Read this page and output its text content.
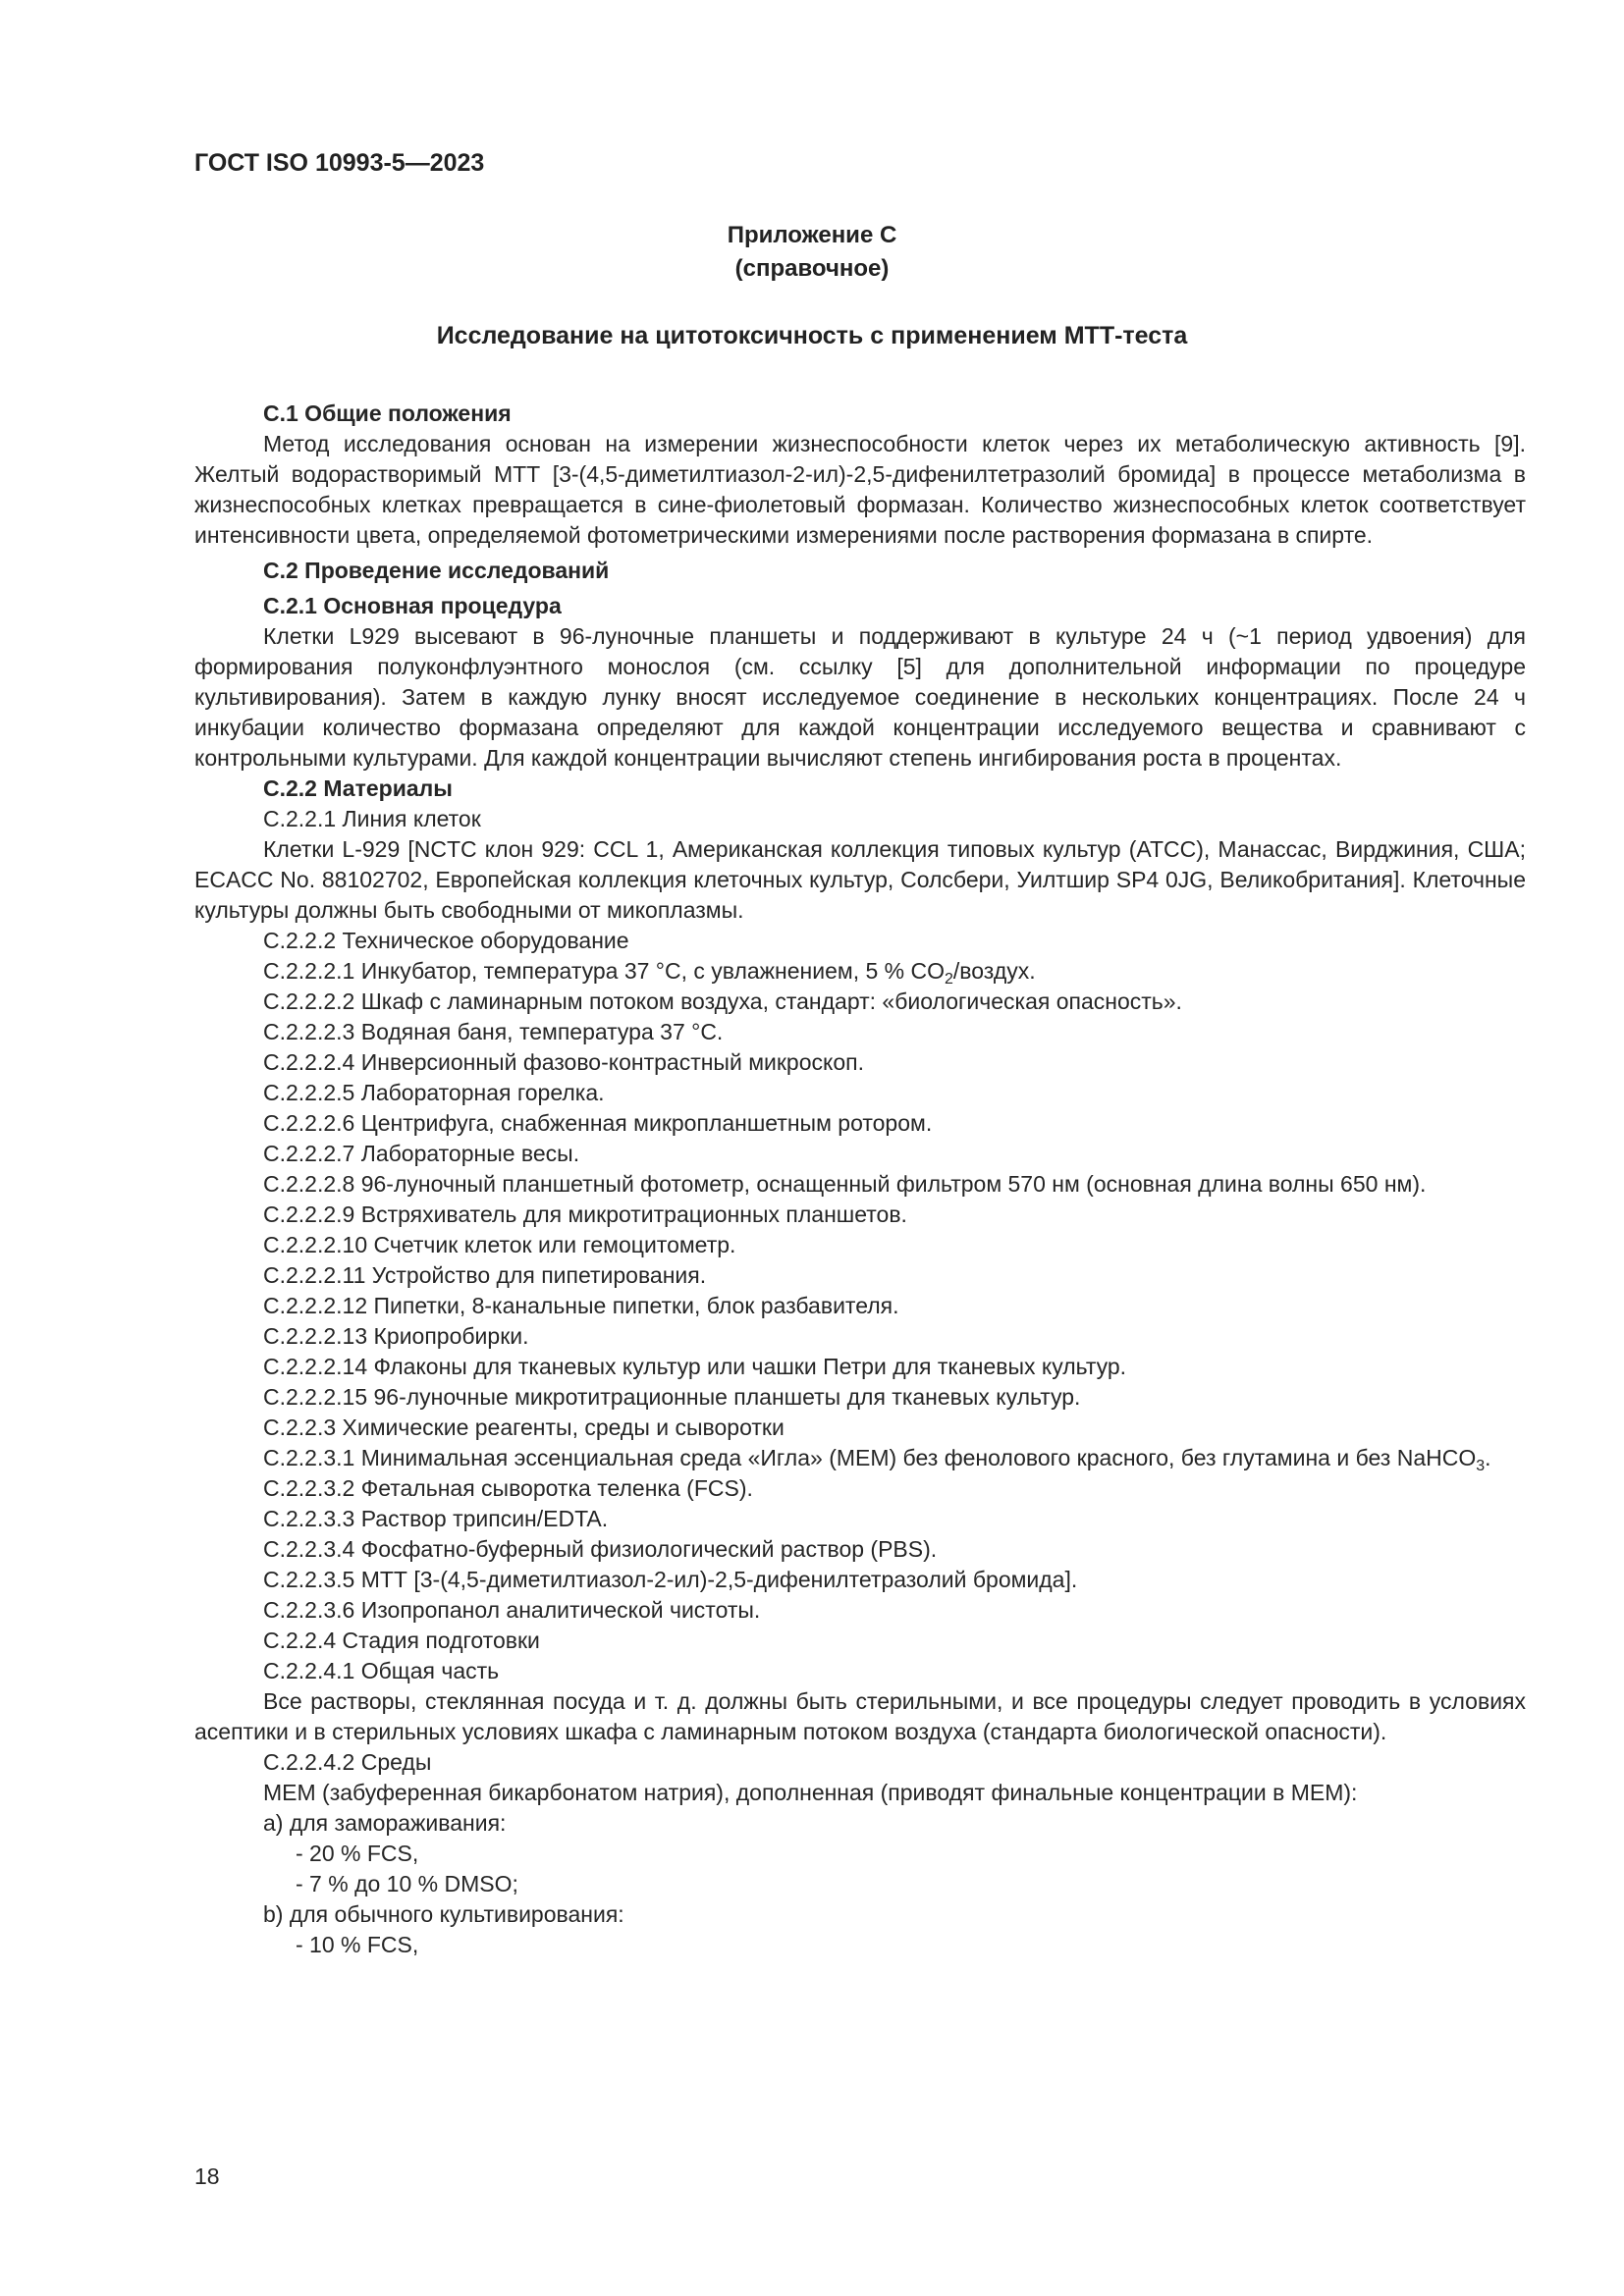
ГОСТ ISO 10993-5—2023

Приложение С

(справочное)

Исследование на цитотоксичность с применением МТТ-теста
С.1 Общие положения

Метод исследования основан на измерении жизнеспособности клеток через их метаболическую активность [9]. Желтый водорастворимый МТТ [3-(4,5-диметилтиазол-2-ил)-2,5-дифенилтетразолий бромида] в процессе метаболизма в жизнеспособных клетках превращается в сине-фиолетовый формазан. Количество жизнеспособных клеток соответствует интенсивности цвета, определяемой фотометрическими измерениями после растворения формазана в спирте.

С.2 Проведение исследований
С.2.1 Основная процедура

Клетки L929 высевают в 96-луночные планшеты и поддерживают в культуре 24 ч (~1 период удвоения) для формирования полуконфлуэнтного монослоя (см. ссылку [5] для дополнительной информации по процедуре культивирования). Затем в каждую лунку вносят исследуемое соединение в нескольких концентрациях. После 24 ч инкубации количество формазана определяют для каждой концентрации исследуемого вещества и сравнивают с контрольными культурами. Для каждой концентрации вычисляют степень ингибирования роста в процентах.

С.2.2 Материалы

С.2.2.1 Линия клеток

Клетки L-929 [NCTC клон 929: CCL 1, Американская коллекция типовых культур (ATCC), Манассас, Вирджиния, США; ECACC No. 88102702, Европейская коллекция клеточных культур, Солсбери, Уилтшир SP4 0JG, Великобритания]. Клеточные культуры должны быть свободными от микоплазмы.

С.2.2.2 Техническое оборудование

С.2.2.2.1 Инкубатор, температура 37 °С, с увлажнением, 5 % $CO_2$/воздух.

С.2.2.2.2 Шкаф с ламинарным потоком воздуха, стандарт: «биологическая опасность».

С.2.2.2.3 Водяная баня, температура 37 °С.

С.2.2.2.4 Инверсионный фазово-контрастный микроскоп.

С.2.2.2.5 Лабораторная горелка.

С.2.2.2.6 Центрифуга, снабженная микропланшетным ротором.

С.2.2.2.7 Лабораторные весы.

С.2.2.2.8 96-луночный планшетный фотометр, оснащенный фильтром 570 нм (основная длина волны 650 нм).

С.2.2.2.9 Встряхиватель для микротитрационных планшетов.

С.2.2.2.10 Счетчик клеток или гемоцитометр.

С.2.2.2.11 Устройство для пипетирования.

С.2.2.2.12 Пипетки, 8-канальные пипетки, блок разбавителя.

С.2.2.2.13 Криопробирки.

С.2.2.2.14 Флаконы для тканевых культур или чашки Петри для тканевых культур.

С.2.2.2.15 96-луночные микротитрационные планшеты для тканевых культур.

С.2.2.3 Химические реагенты, среды и сыворотки

С.2.2.3.1 Минимальная эссенциальная среда «Игла» (MEM) без фенолового красного, без глутамина и без NaHCO$_3$.

С.2.2.3.2 Фетальная сыворотка теленка (FCS).

С.2.2.3.3 Раствор трипсин/EDTA.

С.2.2.3.4 Фосфатно-буферный физиологический раствор (PBS).

С.2.2.3.5 МТТ [3-(4,5-диметилтиазол-2-ил)-2,5-дифенилтетразолий бромида].

С.2.2.3.6 Изопропанол аналитической чистоты.

С.2.2.4 Стадия подготовки

С.2.2.4.1 Общая часть

Все растворы, стеклянная посуда и т. д. должны быть стерильными, и все процедуры следует проводить в условиях асептики и в стерильных условиях шкафа с ламинарным потоком воздуха (стандарта биологической опасности).

С.2.2.4.2 Среды

MEM (забуференная бикарбонатом натрия), дополненная (приводят финальные концентрации в MEM):

a) для замораживания:

- 20 % FCS,

- 7 % до 10 % DMSO;

b) для обычного культивирования:

- 10 % FCS,

18
